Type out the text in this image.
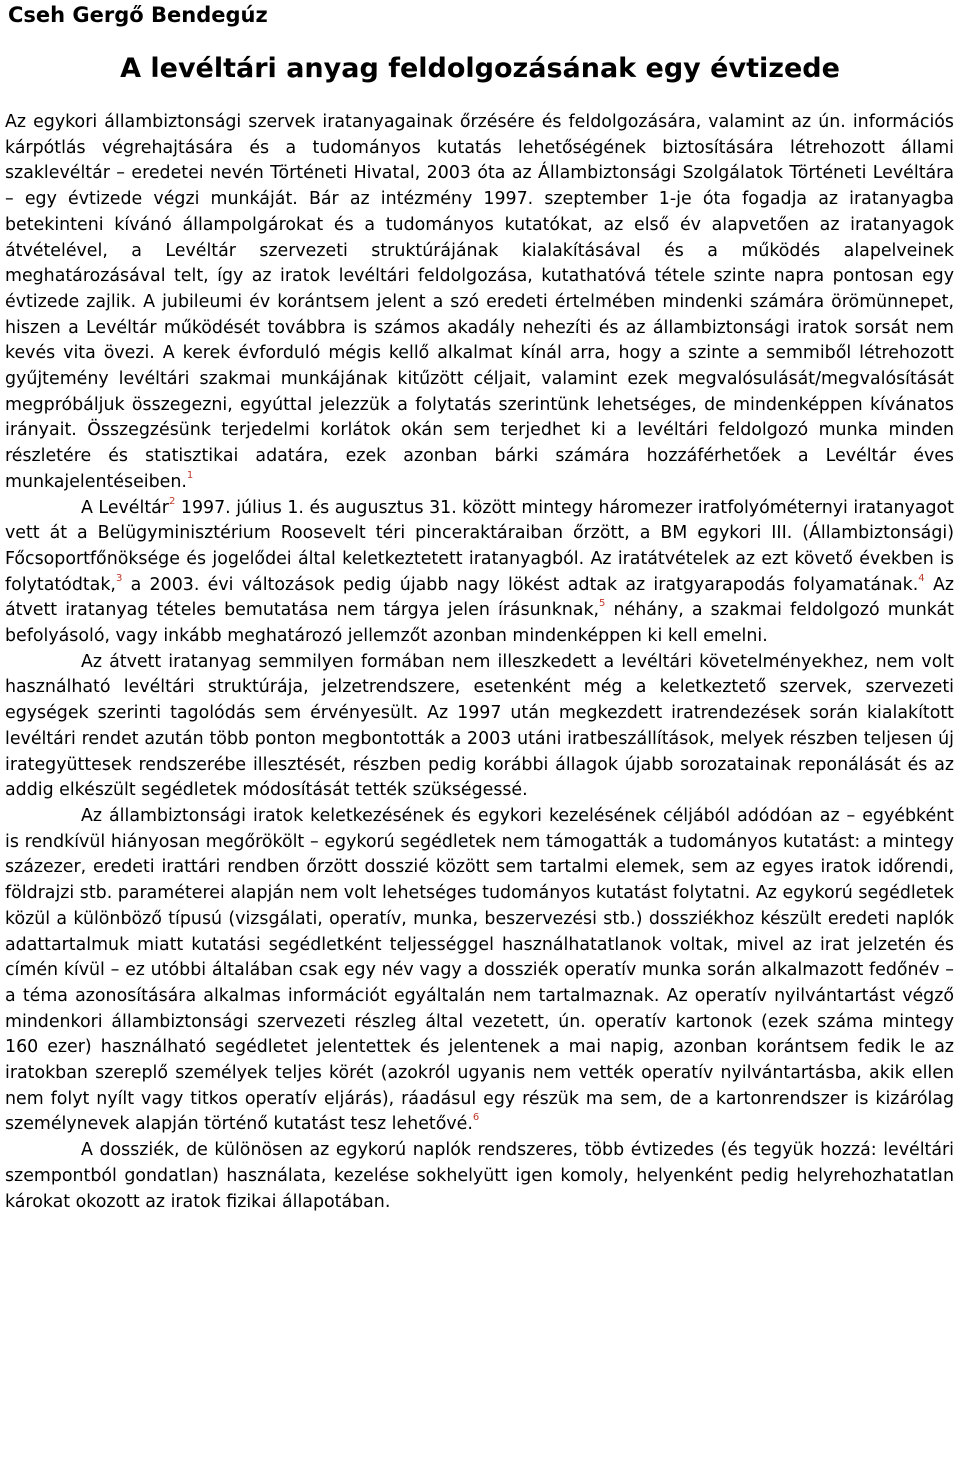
Cseh Gergő Bendegúz
A levéltári anyag feldolgozásának egy évtizede

Az egykori állambiztonsági szervek iratanyagainak őrzésére és feldolgozására, valamint az ún. információs kárpótlás végrehajtására és a tudományos kutatás lehetőségének biztosítására létrehozott állami szaklevéltár – eredetei nevén Történeti Hivatal, 2003 óta az Állambiztonsági Szolgálatok Történeti Levéltára – egy évtizede végzi munkáját. Bár az intézmény 1997. szeptember 1-je óta fogadja az iratanyagba betekinteni kívánó állampolgárokat és a tudományos kutatókat, az első év alapvetően az iratanyagok átvételével, a Levéltár szervezeti struktúrájának kialakításával és a működés alapelveinek meghatározásával telt, így az iratok levéltári feldolgozása, kutathatóvá tétele szinte napra pontosan egy évtizede zajlik. A jubileumi év korántsem jelent a szó eredeti értelmében mindenki számára örömünnepet, hiszen a Levéltár működését továbbra is számos akadály nehezíti és az állambiztonsági iratok sorsát nem kevés vita övezi. A kerek évforduló mégis kellő alkalmat kínál arra, hogy a szinte a semmiből létrehozott gyűjtemény levéltári szakmai munkájának kitűzött céljait, valamint ezek megvalósulását/megvalósítását megpróbáljuk összegezni, egyúttal jelezzük a folytatás szerintünk lehetséges, de mindenképpen kívánatos irányait. Összegzésünk terjedelmi korlátok okán sem terjedhet ki a levéltári feldolgozó munka minden részletére és statisztikai adatára, ezek azonban bárki számára hozzáférhetőek a Levéltár éves munkajelentéseiben.$^1$

A Levéltár$^2$ 1997. július 1. és augusztus 31. között mintegy háromezer iratfolyóméternyi iratanyagot vett át a Belügyminisztérium Roosevelt téri pinceraktáraiban őrzött, a BM egykori III. (Állambiztonsági) Főcsoportfőnöksége és jogelődei által keletkeztetett iratanyagból. Az iratátvételek az ezt követő években is folytatódtak,$^3$ a 2003. évi változások pedig újabb nagy lökést adtak az iratgyarapodás folyamatának.$^4$ Az átvett iratanyag tételes bemutatása nem tárgya jelen írásunknak,$^5$ néhány, a szakmai feldolgozó munkát befolyásoló, vagy inkább meghatározó jellemzőt azonban mindenképpen ki kell emelni.

Az átvett iratanyag semmilyen formában nem illeszkedett a levéltári követelményekhez, nem volt használható levéltári struktúrája, jelzetrendszere, esetenként még a keletkeztető szervek, szervezeti egységek szerinti tagolódás sem érvényesült. Az 1997 után megkezdett iratrendezések során kialakított levéltári rendet azután több ponton megbontották a 2003 utáni iratbeszállítások, melyek részben teljesen új irategyüttesek rendszerébe illesztését, részben pedig korábbi állagok újabb sorozatainak reponálását és az addig elkészült segédletek módosítását tették szükségessé.

Az állambiztonsági iratok keletkezésének és egykori kezelésének céljából adódóan az – egyébként is rendkívül hiányosan megőrökölt – egykorú segédletek nem támogatták a tudományos kutatást: a mintegy százezer, eredeti irattári rendben őrzött dosszié között sem tartalmi elemek, sem az egyes iratok időrendi, földrajzi stb. paraméterei alapján nem volt lehetséges tudományos kutatást folytatni. Az egykorú segédletek közül a különböző típusú (vizsgálati, operatív, munka, beszervezési stb.) dossziékhoz készült eredeti naplók adattartalmuk miatt kutatási segédletként teljességgel használhatatlanok voltak, mivel az irat jelzetén és címén kívül – ez utóbbi általában csak egy név vagy a dossziék operatív munka során alkalmazott fedőnév – a téma azonosítására alkalmas információt egyáltalán nem tartalmaznak. Az operatív nyilvántartást végző mindenkori állambiztonsági szervezeti részleg által vezetett, ún. operatív kartonok (ezek száma mintegy 160 ezer) használható segédletet jelentettek és jelentenek a mai napig, azonban korántsem fedik le az iratokban szereplő személyek teljes körét (azokról ugyanis nem vették operatív nyilvántartásba, akik ellen nem folyt nyílt vagy titkos operatív eljárás), ráadásul egy részük ma sem, de a kartonrendszer is kizárólag személynevek alapján történő kutatást tesz lehetővé.$^6$

A dossziék, de különösen az egykorú naplók rendszeres, több évtizedes (és tegyük hozzá: levéltári szempontból gondatlan) használata, kezelése sokhelyütt igen komoly, helyenként pedig helyrehozhatatlan károkat okozott az iratok fizikai állapotában.
